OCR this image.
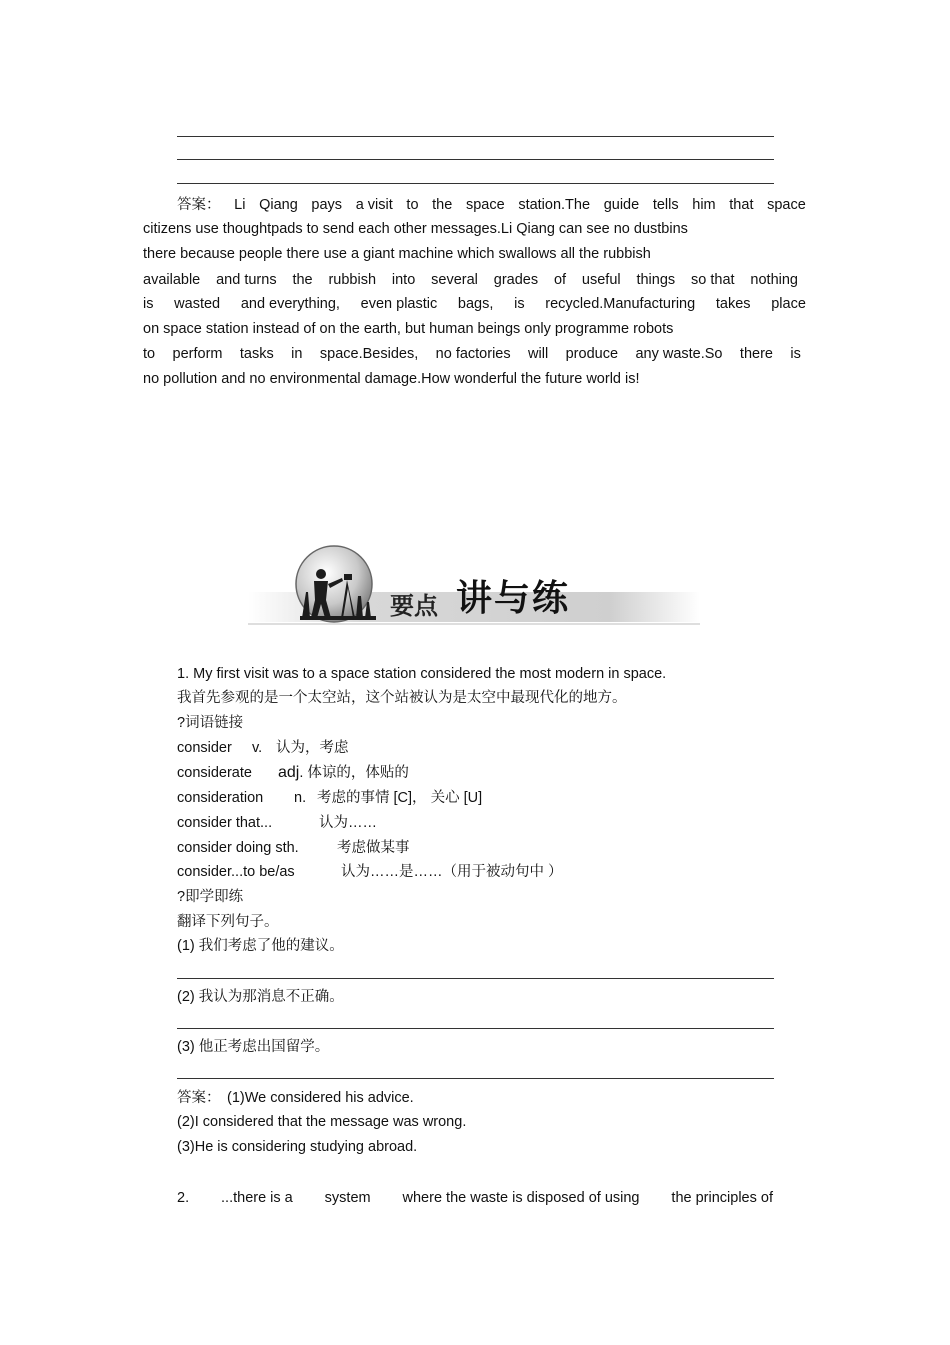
答案： Li Qiang pays a visit to the space station.The guide tells him that space
citizens use thoughtpads to send each other messages.Li Qiang can see no dustbins
there because people there use a giant machine which swallows all the rubbish
available and turns the rubbish into several grades of useful things so that nothing
is wasted and everything, even plastic bags, is recycled.Manufacturing takes place
on space station instead of on the earth, but human beings only programme robots
to perform tasks in space.Besides, no factories will produce any waste.So there is
no pollution and no environmental damage.How wonderful the future world is!
要点 讲与练
1. My first visit was to a space station considered the most modern in space.
我首先参观的是一个太空站，这个站被认为是太空中最现代化的地方。
?词语链接
consider v. 认为，考虑
considerate adj. 体谅的，体贴的
consideration n. 考虑的事情 [C]， 关心 [U]
consider that...	认为……
consider doing sth.	考虑做某事
consider...to be/as	认为……是……（用于被动句中 ）
?即学即练
翻译下列句子。
(1) 我们考虑了他的建议。
(2) 我认为那消息不正确。
(3) 他正考虑出国留学。
答案： (1)We considered his advice.
(2)I considered that the message was wrong.
(3)He is considering studying abroad.
2. ...there is a system where the waste is disposed of using the principles of
